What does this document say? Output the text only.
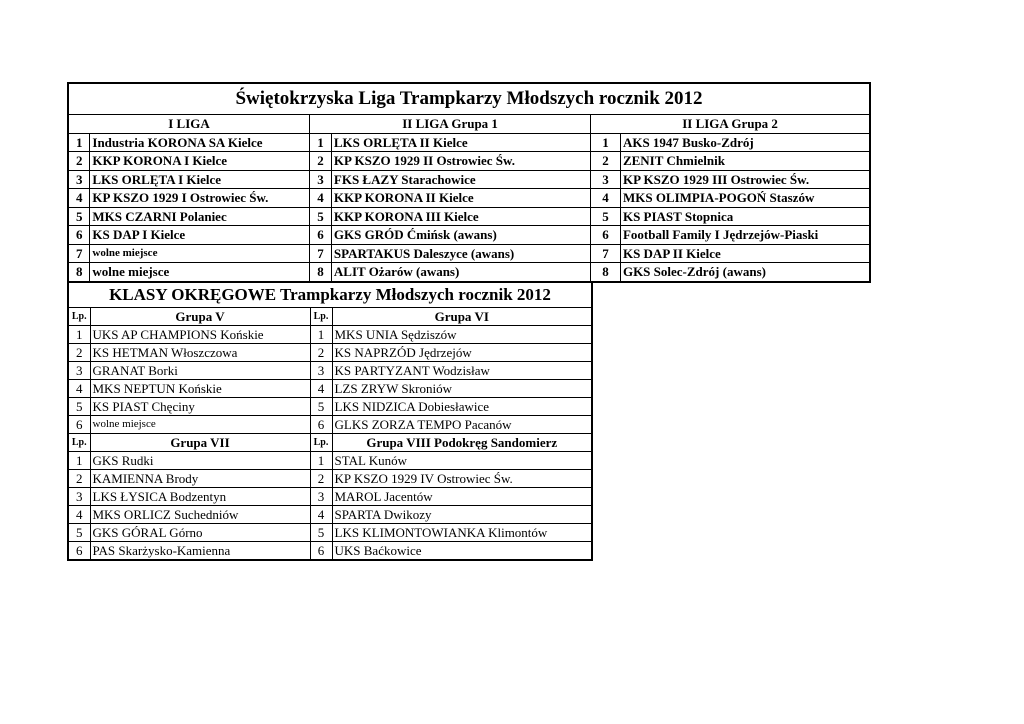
Świętokrzyska Liga Trampkarzy Młodszych rocznik 2012					
I LIGA		II LIGA Grupa 1		II LIGA Grupa 2	
1	Industria KORONA SA Kielce	1	LKS ORLĘTA II Kielce	1	AKS 1947 Busko-Zdrój
2	KKP KORONA I Kielce	2	KP KSZO 1929 II Ostrowiec Św.	2	ZENIT Chmielnik
3	LKS ORLĘTA I Kielce	3	FKS ŁAZY Starachowice	3	KP KSZO 1929 III Ostrowiec Św.
4	KP KSZO 1929 I Ostrowiec Św.	4	KKP KORONA II Kielce	4	MKS OLIMPIA-POGOŃ Staszów
5	MKS CZARNI Polaniec	5	KKP KORONA III Kielce	5	KS PIAST Stopnica
6	KS DAP I Kielce	6	GKS GRÓD Ćmińsk (awans)	6	Football Family I Jędrzejów-Piaski
7	wolne miejsce	7	SPARTAKUS Daleszyce (awans)	7	KS DAP II Kielce
8	wolne miejsce	8	ALIT Ożarów (awans)	8	GKS Solec-Zdrój (awans)
KLASY OKRĘGOWE Trampkarzy Młodszych rocznik 2012			
Lp.	Grupa V	Lp.	Grupa VI
1	UKS AP CHAMPIONS Końskie	1	MKS UNIA Sędziszów
2	KS HETMAN Włoszczowa	2	KS NAPRZÓD Jędrzejów
3	GRANAT Borki	3	KS PARTYZANT Wodzisław
4	MKS NEPTUN Końskie	4	LZS ZRYW Skroniów
5	KS PIAST Chęciny	5	LKS NIDZICA Dobiesławice
6	wolne miejsce	6	GLKS ZORZA TEMPO Pacanów
Lp.	Grupa VII	Lp.	Grupa VIII Podokręg Sandomierz
1	GKS Rudki	1	STAL Kunów
2	KAMIENNA Brody	2	KP KSZO 1929 IV Ostrowiec Św.
3	LKS ŁYSICA Bodzentyn	3	MAROL Jacentów
4	MKS ORLICZ Suchedniów	4	SPARTA Dwikozy
5	GKS GÓRAL Górno	5	LKS KLIMONTOWIANKA Klimontów
6	PAS Skarżysko-Kamienna	6	UKS Baćkowice
